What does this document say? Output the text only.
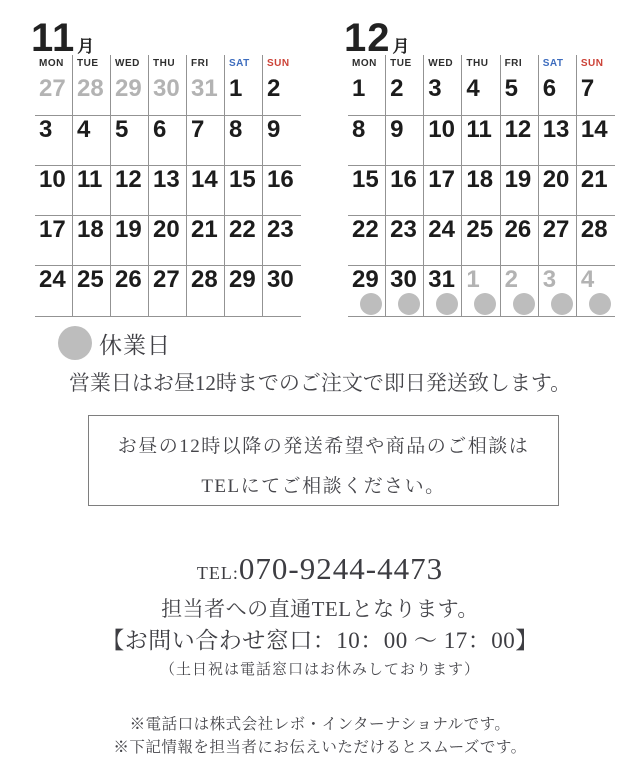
11 月
MON	TUE	WED	THU	FRI	SAT	SUN
27 28 29 30 31 1	2
3	4	5	6	7	8	9
10 11 12 13 14 15 16
17 18 19 20 21 22 23
24 25 26 27 28 29 30
12 月
MON	TUE	WED	THU	FRI	SAT	SUN
1	2	3	4	5	6	7
8	9	10 11 12 13 14
15 16 17 18 19 20 21
22 23 24 25 26 27 28
29 30 31 1	2	3	4
休業日
営業日はお昼12時までのご注文で即日発送致します。
お昼の12時以降の発送希望や商品のご相談は
TELにてご相談ください。
TEL:070-9244-4473
担当者への直通TELとなります。
【お問い合わせ窓口：10：00 ～ 17：00】
（土日祝は電話窓口はお休みしております）
※電話口は株式会社レボ・インターナショナルです。
※下記情報を担当者にお伝えいただけるとスムーズです。
